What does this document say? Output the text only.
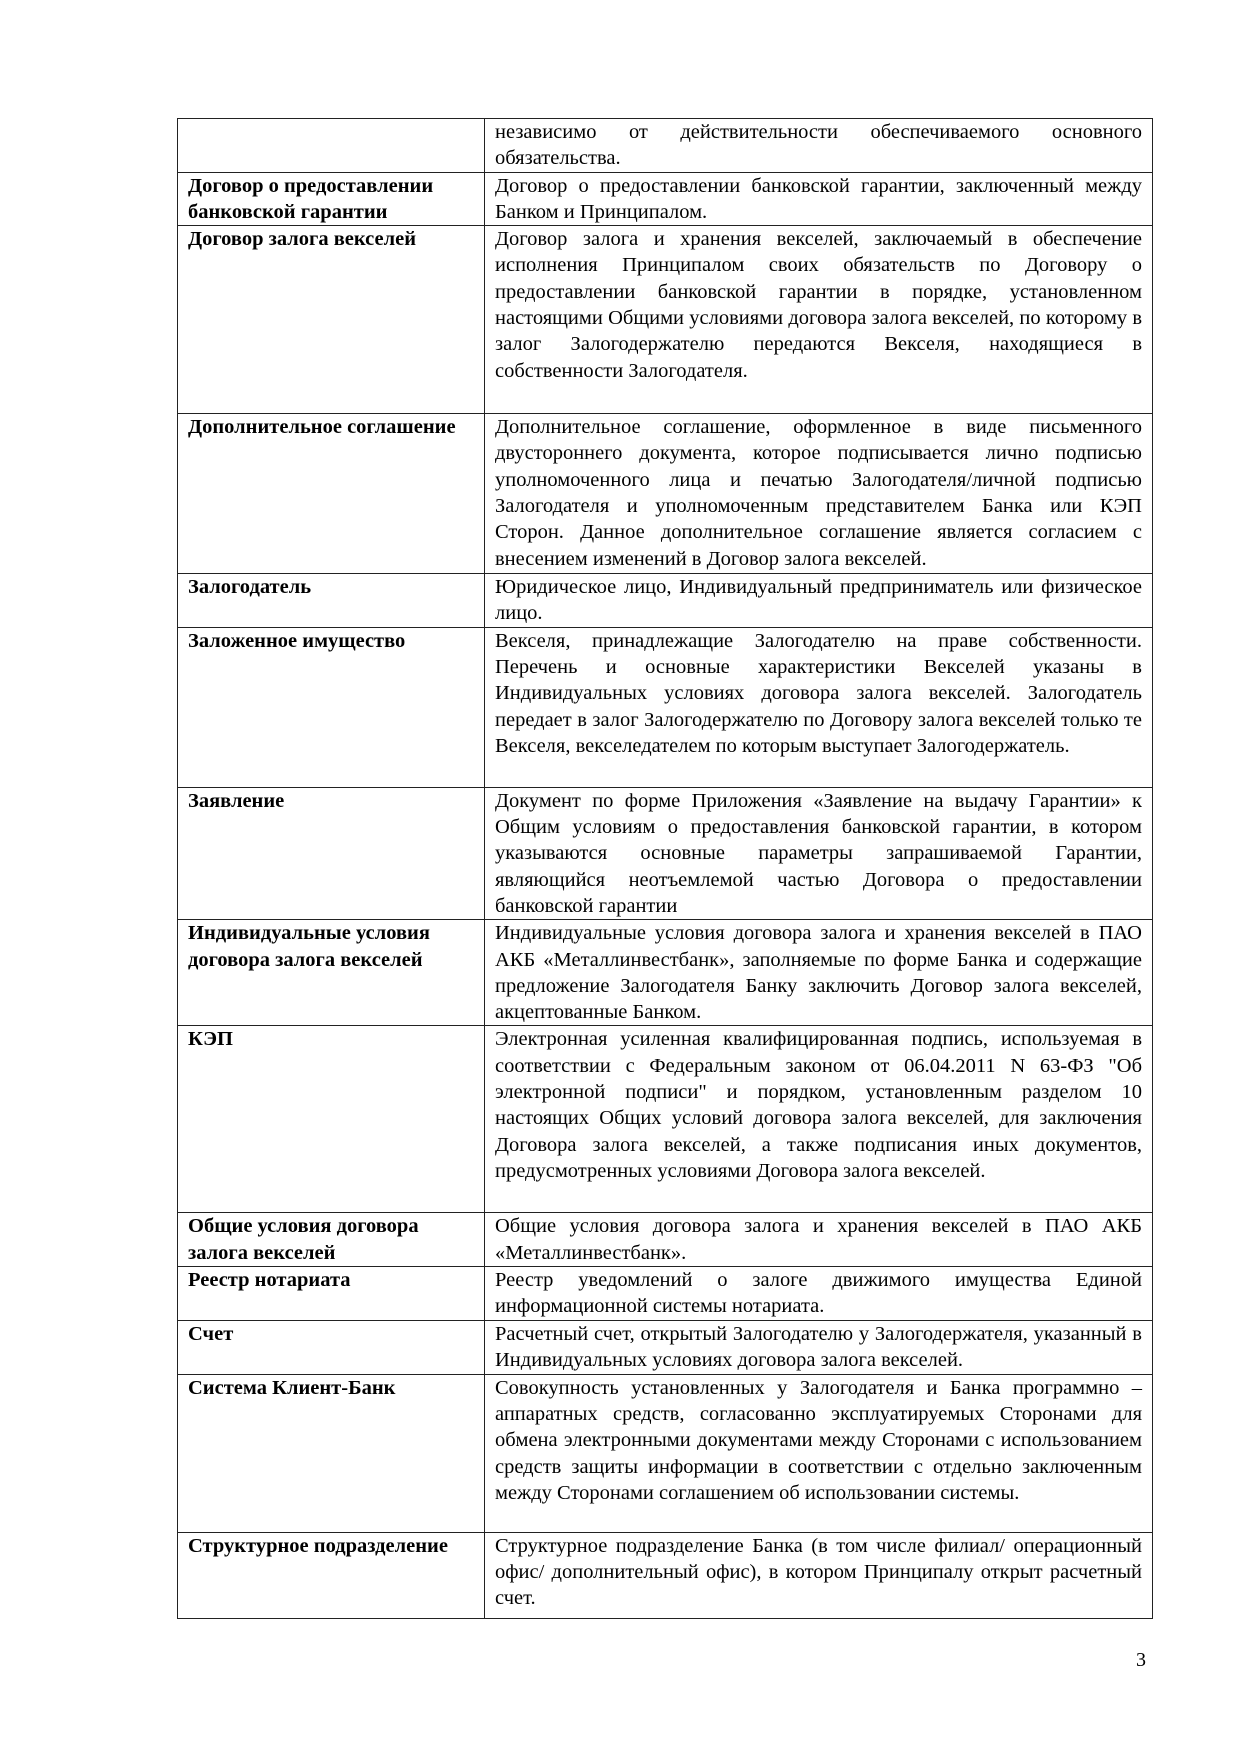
	независимо от действительности обеспечиваемого основного обязательства.

Договор о предоставлении банковской гарантии	Договор о предоставлении банковской гарантии, заключенный между Банком и Принципалом.

Договор залога векселей	Договор залога и хранения векселей, заключаемый в обеспечение исполнения Принципалом своих обязательств по Договору о предоставлении банковской гарантии в порядке, установленном настоящими Общими условиями договора залога векселей, по которому в залог Залогодержателю передаются Векселя, находящиеся в собственности Залогодателя.

Дополнительное соглашение	Дополнительное соглашение, оформленное в виде письменного двустороннего документа, которое подписывается лично подписью уполномоченного лица и печатью Залогодателя/личной подписью Залогодателя и уполномоченным представителем Банка или КЭП Сторон. Данное дополнительное соглашение является согласием с внесением изменений в Договор залога векселей.

Залогодатель	Юридическое лицо, Индивидуальный предприниматель или физическое лицо.

Заложенное имущество	Векселя, принадлежащие Залогодателю на праве собственности. Перечень и основные характеристики Векселей указаны в Индивидуальных условиях договора залога векселей. Залогодатель передает в залог Залогодержателю по Договору залога векселей только те Векселя, векселедателем по которым выступает Залогодержатель.

Заявление	Документ по форме Приложения «Заявление на выдачу Гарантии» к Общим условиям о предоставления банковской гарантии, в котором указываются основные параметры запрашиваемой Гарантии, являющийся неотъемлемой частью Договора о предоставлении банковской гарантии

Индивидуальные условия договора залога векселей	Индивидуальные условия договора залога и хранения векселей в ПАО АКБ «Металлинвестбанк», заполняемые по форме Банка и содержащие предложение Залогодателя Банку заключить Договор залога векселей, акцептованные Банком.

КЭП	Электронная усиленная квалифицированная подпись, используемая в соответствии с Федеральным законом от 06.04.2011 N 63-ФЗ "Об электронной подписи" и порядком, установленным разделом 10 настоящих Общих условий договора залога векселей, для заключения Договора залога векселей, а также подписания иных документов, предусмотренных условиями Договора залога векселей.

Общие условия договора залога векселей	Общие условия договора залога и хранения векселей в ПАО АКБ «Металлинвестбанк».

Реестр нотариата	Реестр уведомлений о залоге движимого имущества Единой информационной системы нотариата.

Счет	Расчетный счет, открытый Залогодателю у Залогодержателя, указанный в Индивидуальных условиях договора залога векселей.

Система Клиент-Банк	Совокупность установленных у Залогодателя и Банка программно – аппаратных средств, согласованно эксплуатируемых Сторонами для обмена электронными документами между Сторонами с использованием средств защиты информации в соответствии с отдельно заключенным между Сторонами соглашением об использовании системы.

Структурное подразделение	Структурное подразделение Банка (в том числе филиал/ операционный офис/ дополнительный офис), в котором Принципалу открыт расчетный счет.
3
